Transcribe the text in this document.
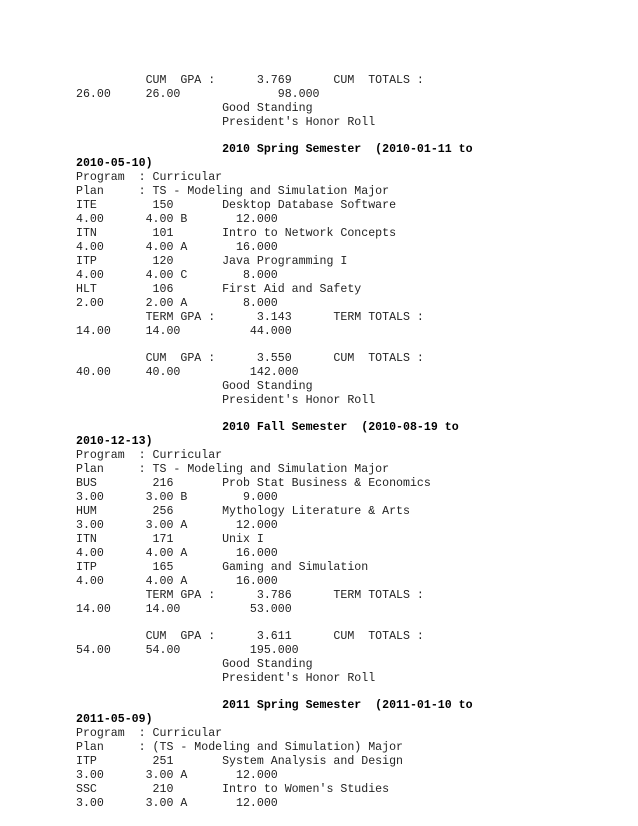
CUM  GPA :      3.769      CUM  TOTALS :
26.00     26.00              98.000
Good Standing
President's Honor Roll
2010 Spring Semester  (2010-01-11 to
2010-05-10)
Program  : Curricular
Plan     : TS - Modeling and Simulation Major
ITE        150       Desktop Database Software
4.00      4.00 B       12.000
ITN        101       Intro to Network Concepts
4.00      4.00 A       16.000
ITP        120       Java Programming I
4.00      4.00 C        8.000
HLT        106       First Aid and Safety
2.00      2.00 A        8.000
TERM GPA :      3.143      TERM TOTALS :
14.00     14.00          44.000
CUM  GPA :      3.550      CUM  TOTALS :
40.00     40.00          142.000
Good Standing
President's Honor Roll
2010 Fall Semester  (2010-08-19 to
2010-12-13)
Program  : Curricular
Plan     : TS - Modeling and Simulation Major
BUS        216       Prob Stat Business & Economics
3.00      3.00 B        9.000
HUM        256       Mythology Literature & Arts
3.00      3.00 A       12.000
ITN        171       Unix I
4.00      4.00 A       16.000
ITP        165       Gaming and Simulation
4.00      4.00 A       16.000
TERM GPA :      3.786      TERM TOTALS :
14.00     14.00          53.000
CUM  GPA :      3.611      CUM  TOTALS :
54.00     54.00          195.000
Good Standing
President's Honor Roll
2011 Spring Semester  (2011-01-10 to
2011-05-09)
Program  : Curricular
Plan     : (TS - Modeling and Simulation) Major
ITP        251       System Analysis and Design
3.00      3.00 A       12.000
SSC        210       Intro to Women's Studies
3.00      3.00 A       12.000
